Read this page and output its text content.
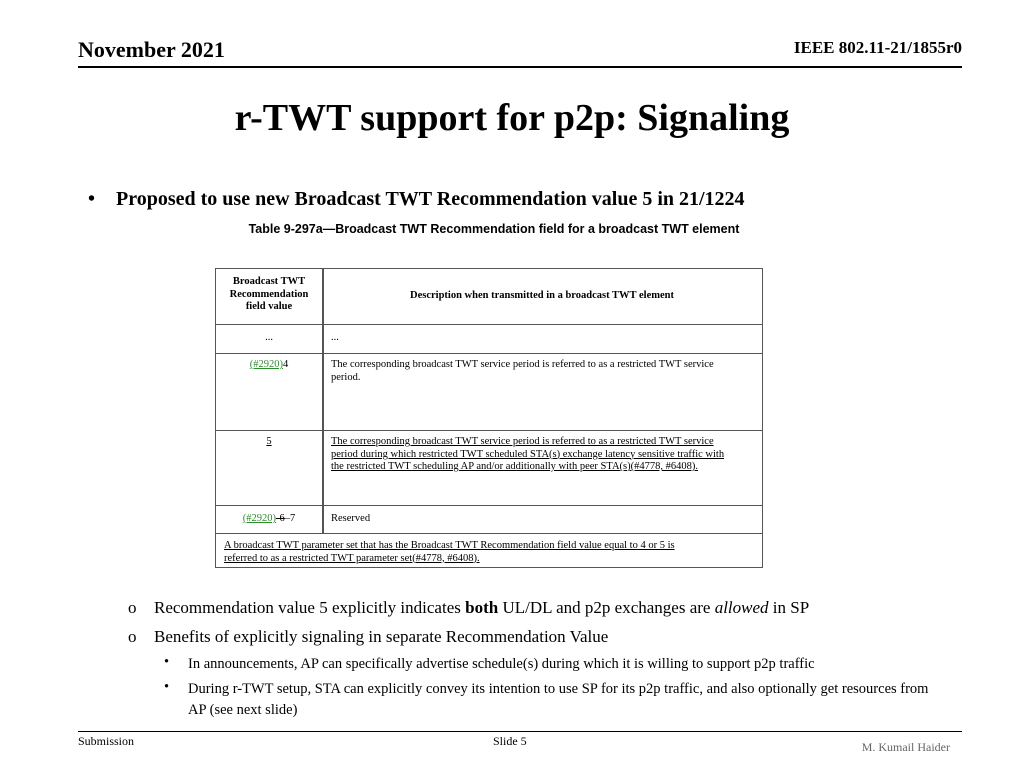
November 2021	IEEE 802.11-21/1855r0
r-TWT support for p2p: Signaling
• Proposed to use new Broadcast TWT Recommendation value 5 in 21/1224
Table 9-297a—Broadcast TWT Recommendation field for a broadcast TWT element
Broadcast TWT
Recommendation
field value
Description when transmitted in a broadcast TWT element
...	...
(#2920)4	The corresponding broadcast TWT service period is referred to as a restricted TWT service
period.
5	The corresponding broadcast TWT service period is referred to as a restricted TWT service
period during which restricted TWT scheduled STA(s) exchange latency sensitive traffic with
the restricted TWT scheduling AP and/or additionally with peer STA(s)(#4778, #6408).
(#2920)-6–7	Reserved
A broadcast TWT parameter set that has the Broadcast TWT Recommendation field value equal to 4 or 5 is
referred to as a restricted TWT parameter set(#4778, #6408).
o Recommendation value 5 explicitly indicates both UL/DL and p2p exchanges are allowed in SP
o Benefits of explicitly signaling in separate Recommendation Value
• In announcements, AP can specifically advertise schedule(s) during which it is willing to support p2p traffic
• During r-TWT setup, STA can explicitly convey its intention to use SP for its p2p traffic, and also optionally get resources from AP (see next slide)
Submission	Slide 5	M. Kumail Haider
